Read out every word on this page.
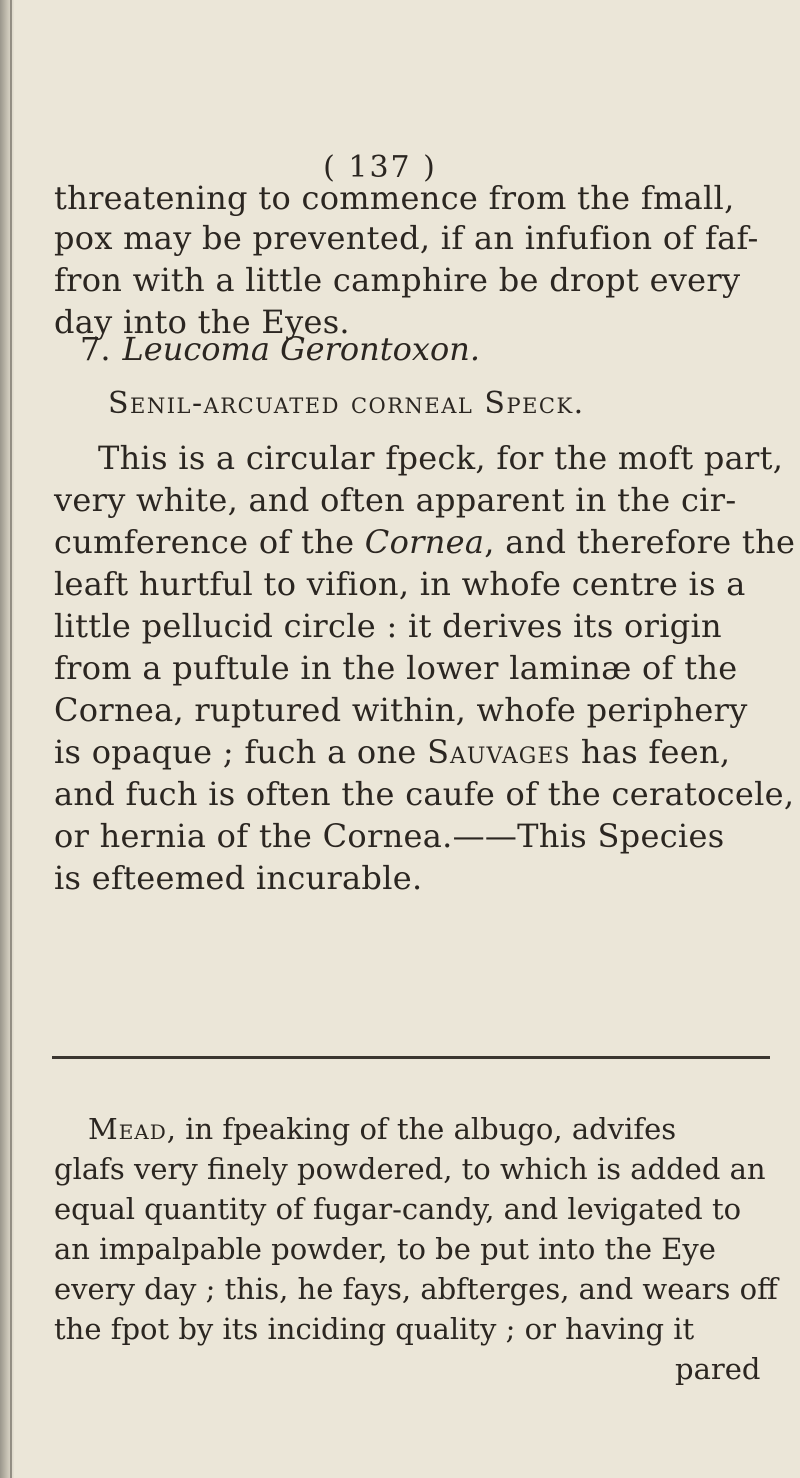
( 137 )
threatening to commence from the fmall,
pox may be prevented, if an infufion of faf-
fron with a little camphire be dropt every
day into the Eyes.
7. Leucoma Gerontoxon.
Senil-arcuated corneal Speck.
This is a circular fpeck, for the moft part,
very white, and often apparent in the cir-
cumference of the Cornea, and therefore the
leaft hurtful to vifion, in whofe centre is a
little pellucid circle : it derives its origin
from a puftule in the lower laminæ of the
Cornea, ruptured within, whofe periphery
is opaque ; fuch a one Sauvages has feen,
and fuch is often the caufe of the ceratocele,
or hernia of the Cornea.——This Species
is efteemed incurable.
Mead, in fpeaking of the albugo, advifes
glafs very finely powdered, to which is added an
equal quantity of fugar-candy, and levigated to
an impalpable powder, to be put into the Eye
every day ; this, he fays, abfterges, and wears off
the fpot by its inciding quality ; or having it
pared
